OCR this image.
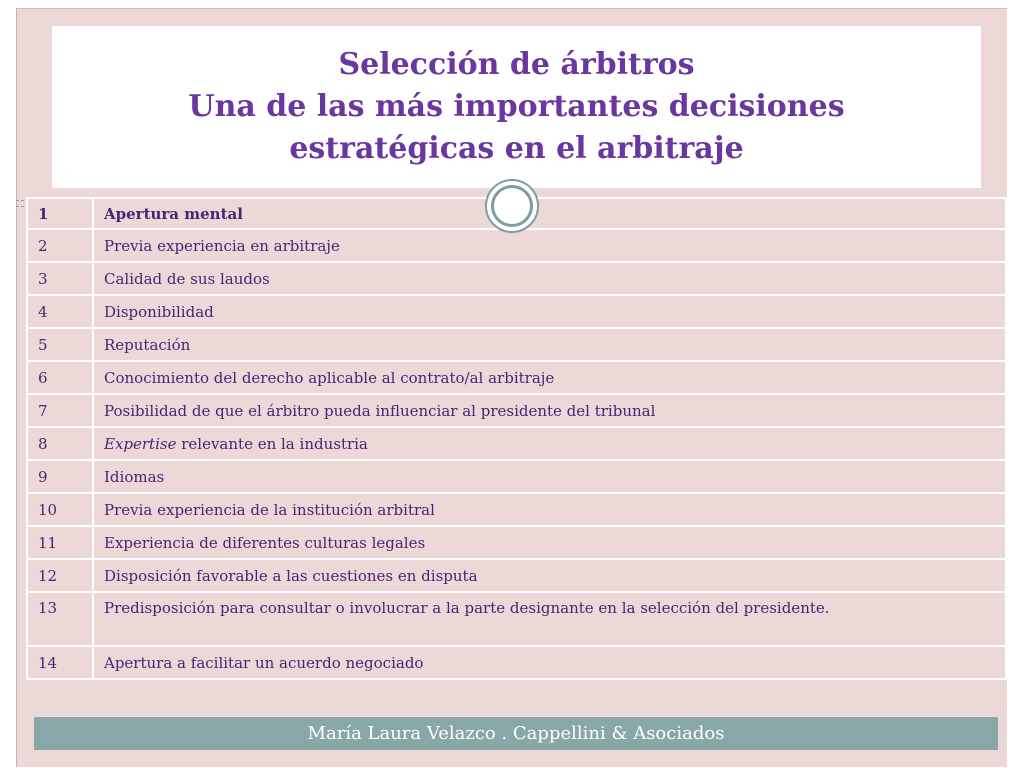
Selección de árbitros
Una de las más importantes decisiones
estratégicas en el arbitraje
1	Apertura mental
2	Previa experiencia en arbitraje
3	Calidad de sus laudos
4	Disponibilidad
5	Reputación
6	Conocimiento del derecho aplicable al contrato/al arbitraje
7	Posibilidad de que el árbitro pueda influenciar al presidente del tribunal
8	Expertise relevante en la industria
9	Idiomas
10	Previa experiencia de la institución arbitral
11	Experiencia de diferentes culturas legales
12	Disposición favorable a las cuestiones en disputa
13	Predisposición para consultar o involucrar a la parte designante en la selección del presidente.
14	Apertura a facilitar un acuerdo negociado
María Laura Velazco . Cappellini & Asociados
